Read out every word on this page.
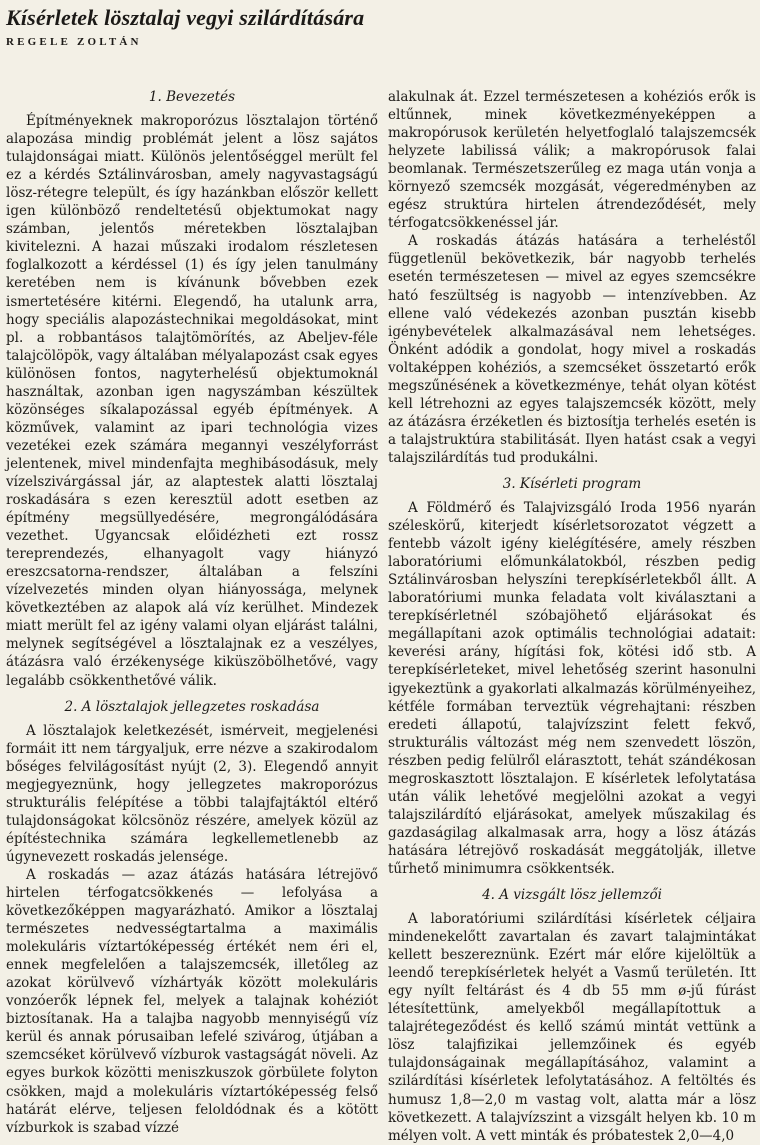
Kísérletek lösztalaj vegyi szilárdítására
REGELE ZOLTÁN
1. Bevezetés

Építményeknek makroporózus lösztalajon történő alapozása mindig problémát jelent a lösz sajátos tulajdonságai miatt. Különös jelentőséggel merült fel ez a kérdés Sztálinvárosban, amely nagyvastagságú lösz-rétegre települt, és így hazánkban először kellett igen különböző rendeltetésű objektumokat nagy számban, jelentős méretekben lösztalajban kivitelezni. A hazai műszaki irodalom részletesen foglalkozott a kérdéssel (1) és így jelen tanulmány keretében nem is kívánunk bővebben ezek ismertetésére kitérni. Elegendő, ha utalunk arra, hogy speciális alapozástechnikai megoldásokat, mint pl. a robbantásos talajtömörítés, az Abeljev-féle talajcölöpök, vagy általában mélyalapozást csak egyes különösen fontos, nagyterhelésű objektumoknál használtak, azonban igen nagyszámban készültek közönséges síkalapozással egyéb építmények. A közművek, valamint az ipari technológia vizes vezetékei ezek számára megannyi veszélyforrást jelentenek, mivel mindenfajta meghibásodásuk, mely vízelszivárgással jár, az alaptestek alatti lösztalaj roskadására s ezen keresztül adott esetben az építmény megsüllyedésére, megrongálódására vezethet. Ugyancsak előidézheti ezt rossz tereprendezés, elhanyagolt vagy hiányzó ereszcsatorna-rendszer, általában a felszíni vízelvezetés minden olyan hiányossága, melynek következtében az alapok alá víz kerülhet. Mindezek miatt merült fel az igény valami olyan eljárást találni, melynek segítségével a lösztalajnak ez a veszélyes, átázásra való érzékenysége kiküszöbölhetővé, vagy legalább csökkenthetővé válik.

2. A lösztalajok jellegzetes roskadása

A lösztalajok keletkezését, ismérveit, megjelenési formáit itt nem tárgyaljuk, erre nézve a szakirodalom bőséges felvilágosítást nyújt (2, 3). Elegendő annyit megjegyeznünk, hogy jellegzetes makroporózus strukturális felépítése a többi talajfajtáktól eltérő tulajdonságokat kölcsönöz részére, amelyek közül az építéstechnika számára legkellemetlenebb az úgynevezett roskadás jelensége.

A roskadás — azaz átázás hatására létrejövő hirtelen térfogatcsökkenés — lefolyása a következőképpen magyarázható. Amikor a lösztalaj természetes nedvességtartalma a maximális molekuláris víztartóképesség értékét nem éri el, ennek megfelelően a talajszemcsék, illetőleg az azokat körülvevő vízhártyák között molekuláris vonzóerők lépnek fel, melyek a talajnak kohéziót biztosítanak. Ha a talajba nagyobb mennyiségű víz kerül és annak pórusaiban lefelé szivárog, útjában a szemcséket körülvevő vízburok vastagságát növeli. Az egyes burkok közötti meniszkuszok görbülete folyton csökken, majd a molekuláris víztartóképesség felső határát elérve, teljesen feloldódnak és a kötött vízburkok is szabad vízzé

alakulnak át. Ezzel természetesen a kohéziós erők is eltűnnek, minek következményeképpen a makropórusok kerületén helyetfoglaló talajszemcsék helyzete labilissá válik; a makropórusok falai beomlanak. Természetszerűleg ez maga után vonja a környező szemcsék mozgását, végeredményben az egész struktúra hirtelen átrendeződését, mely térfogatcsökkenéssel jár.

A roskadás átázás hatására a terheléstől függetlenül bekövetkezik, bár nagyobb terhelés esetén természetesen — mivel az egyes szemcsékre ható feszültség is nagyobb — intenzívebben. Az ellene való védekezés azonban pusztán kisebb igénybevételek alkalmazásával nem lehetséges. Önként adódik a gondolat, hogy mivel a roskadás voltaképpen kohéziós, a szemcséket összetartó erők megszűnésének a következménye, tehát olyan kötést kell létrehozni az egyes talajszemcsék között, mely az átázásra érzéketlen és biztosítja terhelés esetén is a talajstruktúra stabilitását. Ilyen hatást csak a vegyi talajszilárdítás tud produkálni.

3. Kísérleti program

A Földmérő és Talajvizsgáló Iroda 1956 nyarán széleskörű, kiterjedt kísérletsorozatot végzett a fentebb vázolt igény kielégítésére, amely részben laboratóriumi előmunkálatokból, részben pedig Sztálinvárosban helyszíni terepkísérletekből állt. A laboratóriumi munka feladata volt kiválasztani a terepkísérletnél szóbajöhető eljárásokat és megállapítani azok optimális technológiai adatait: keverési arány, hígítási fok, kötési idő stb. A terepkísérleteket, mivel lehetőség szerint hasonulni igyekeztünk a gyakorlati alkalmazás körülményeihez, kétféle formában terveztük végrehajtani: részben eredeti állapotú, talajvízszint felett fekvő, strukturális változást még nem szenvedett löszön, részben pedig felülről elárasztott, tehát szándékosan megroskasztott lösztalajon. E kísérletek lefolytatása után válik lehetővé megjelölni azokat a vegyi talajszilárdító eljárásokat, amelyek műszakilag és gazdaságilag alkalmasak arra, hogy a lösz átázás hatására létrejövő roskadását meggátolják, illetve tűrhető minimumra csökkentsék.

4. A vizsgált lösz jellemzői

A laboratóriumi szilárdítási kísérletek céljaira mindenekelőtt zavartalan és zavart talajmintákat kellett beszereznünk. Ezért már előre kijelöltük a leendő terepkísérletek helyét a Vasmű területén. Itt egy nyílt feltárást és 4 db 55 mm ø-jű fúrást létesítettünk, amelyekből megállapítottuk a talajrétegeződést és kellő számú mintát vettünk a lösz talajfizikai jellemzőinek és egyéb tulajdonságainak megállapításához, valamint a szilárdítási kísérletek lefolytatásához. A feltöltés és humusz 1,8—2,0 m vastag volt, alatta már a lösz következett. A talajvízszint a vizsgált helyen kb. 10 m mélyen volt. A vett minták és próbatestek 2,0—4,0
